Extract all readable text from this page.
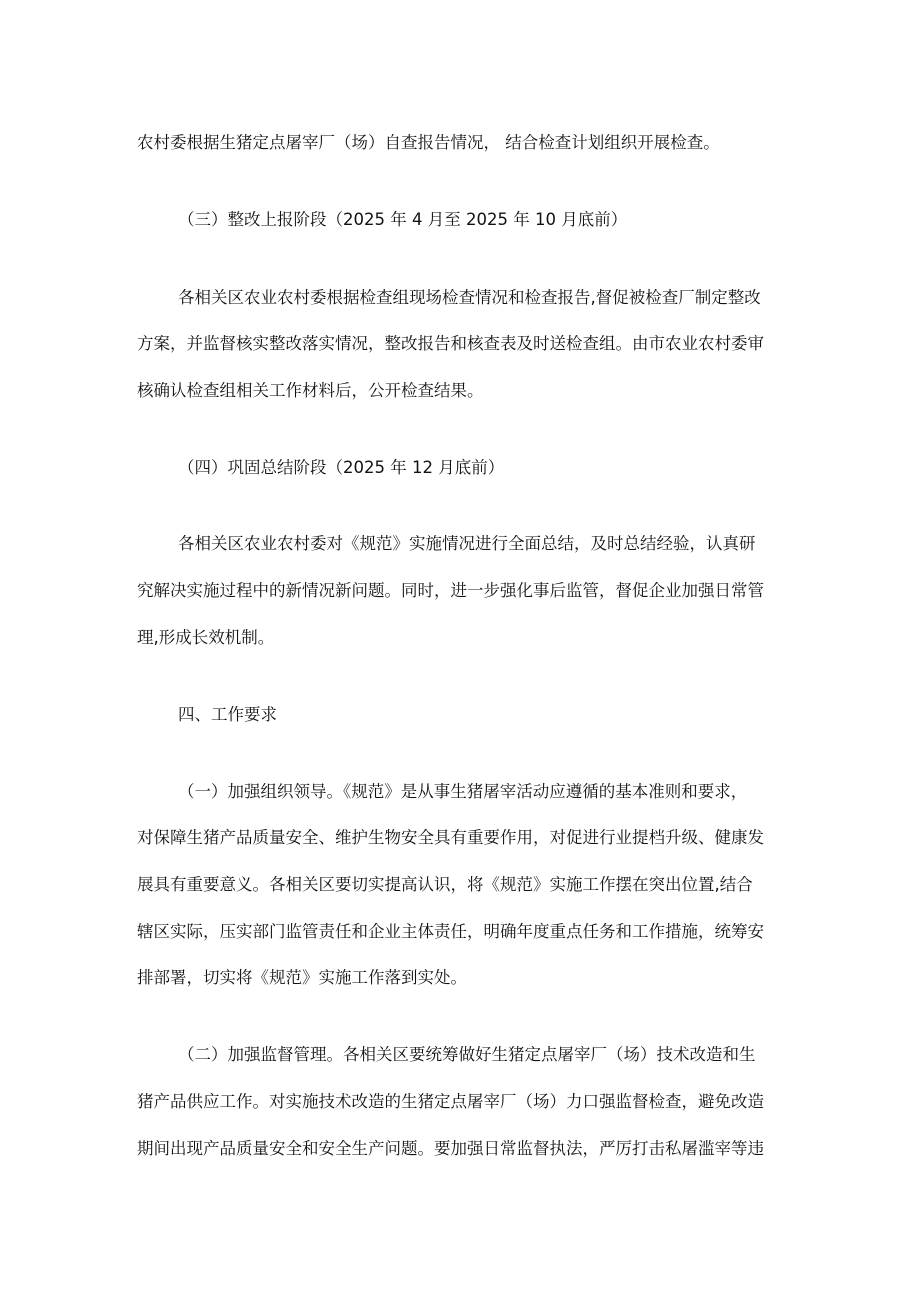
农村委根据生猪定点屠宰厂（场）自查报告情况， 结合检查计划组织开展检查。
（三）整改上报阶段（2025 年 4 月至 2025 年 10 月底前）
各相关区农业农村委根据检查组现场检查情况和检查报告,督促被检查厂制定整改
方案，并监督核实整改落实情况，整改报告和核查表及时送检查组。由市农业农村委审
核确认检查组相关工作材料后，公开检查结果。
（四）巩固总结阶段（2025 年 12 月底前）
各相关区农业农村委对《规范》实施情况进行全面总结，及时总结经验，认真研
究解决实施过程中的新情况新问题。同时，进一步强化事后监管，督促企业加强日常管
理,形成长效机制。
四、工作要求
（一）加强组织领导。《规范》是从事生猪屠宰活动应遵循的基本准则和要求，
对保障生猪产品质量安全、维护生物安全具有重要作用，对促进行业提档升级、健康发
展具有重要意义。各相关区要切实提高认识，将《规范》实施工作摆在突出位置,结合
辖区实际，压实部门监管责任和企业主体责任，明确年度重点任务和工作措施，统筹安
排部署，切实将《规范》实施工作落到实处。
（二）加强监督管理。各相关区要统筹做好生猪定点屠宰厂（场）技术改造和生
猪产品供应工作。对实施技术改造的生猪定点屠宰厂（场）力口强监督检查，避免改造
期间出现产品质量安全和安全生产问题。要加强日常监督执法，严厉打击私屠滥宰等违
